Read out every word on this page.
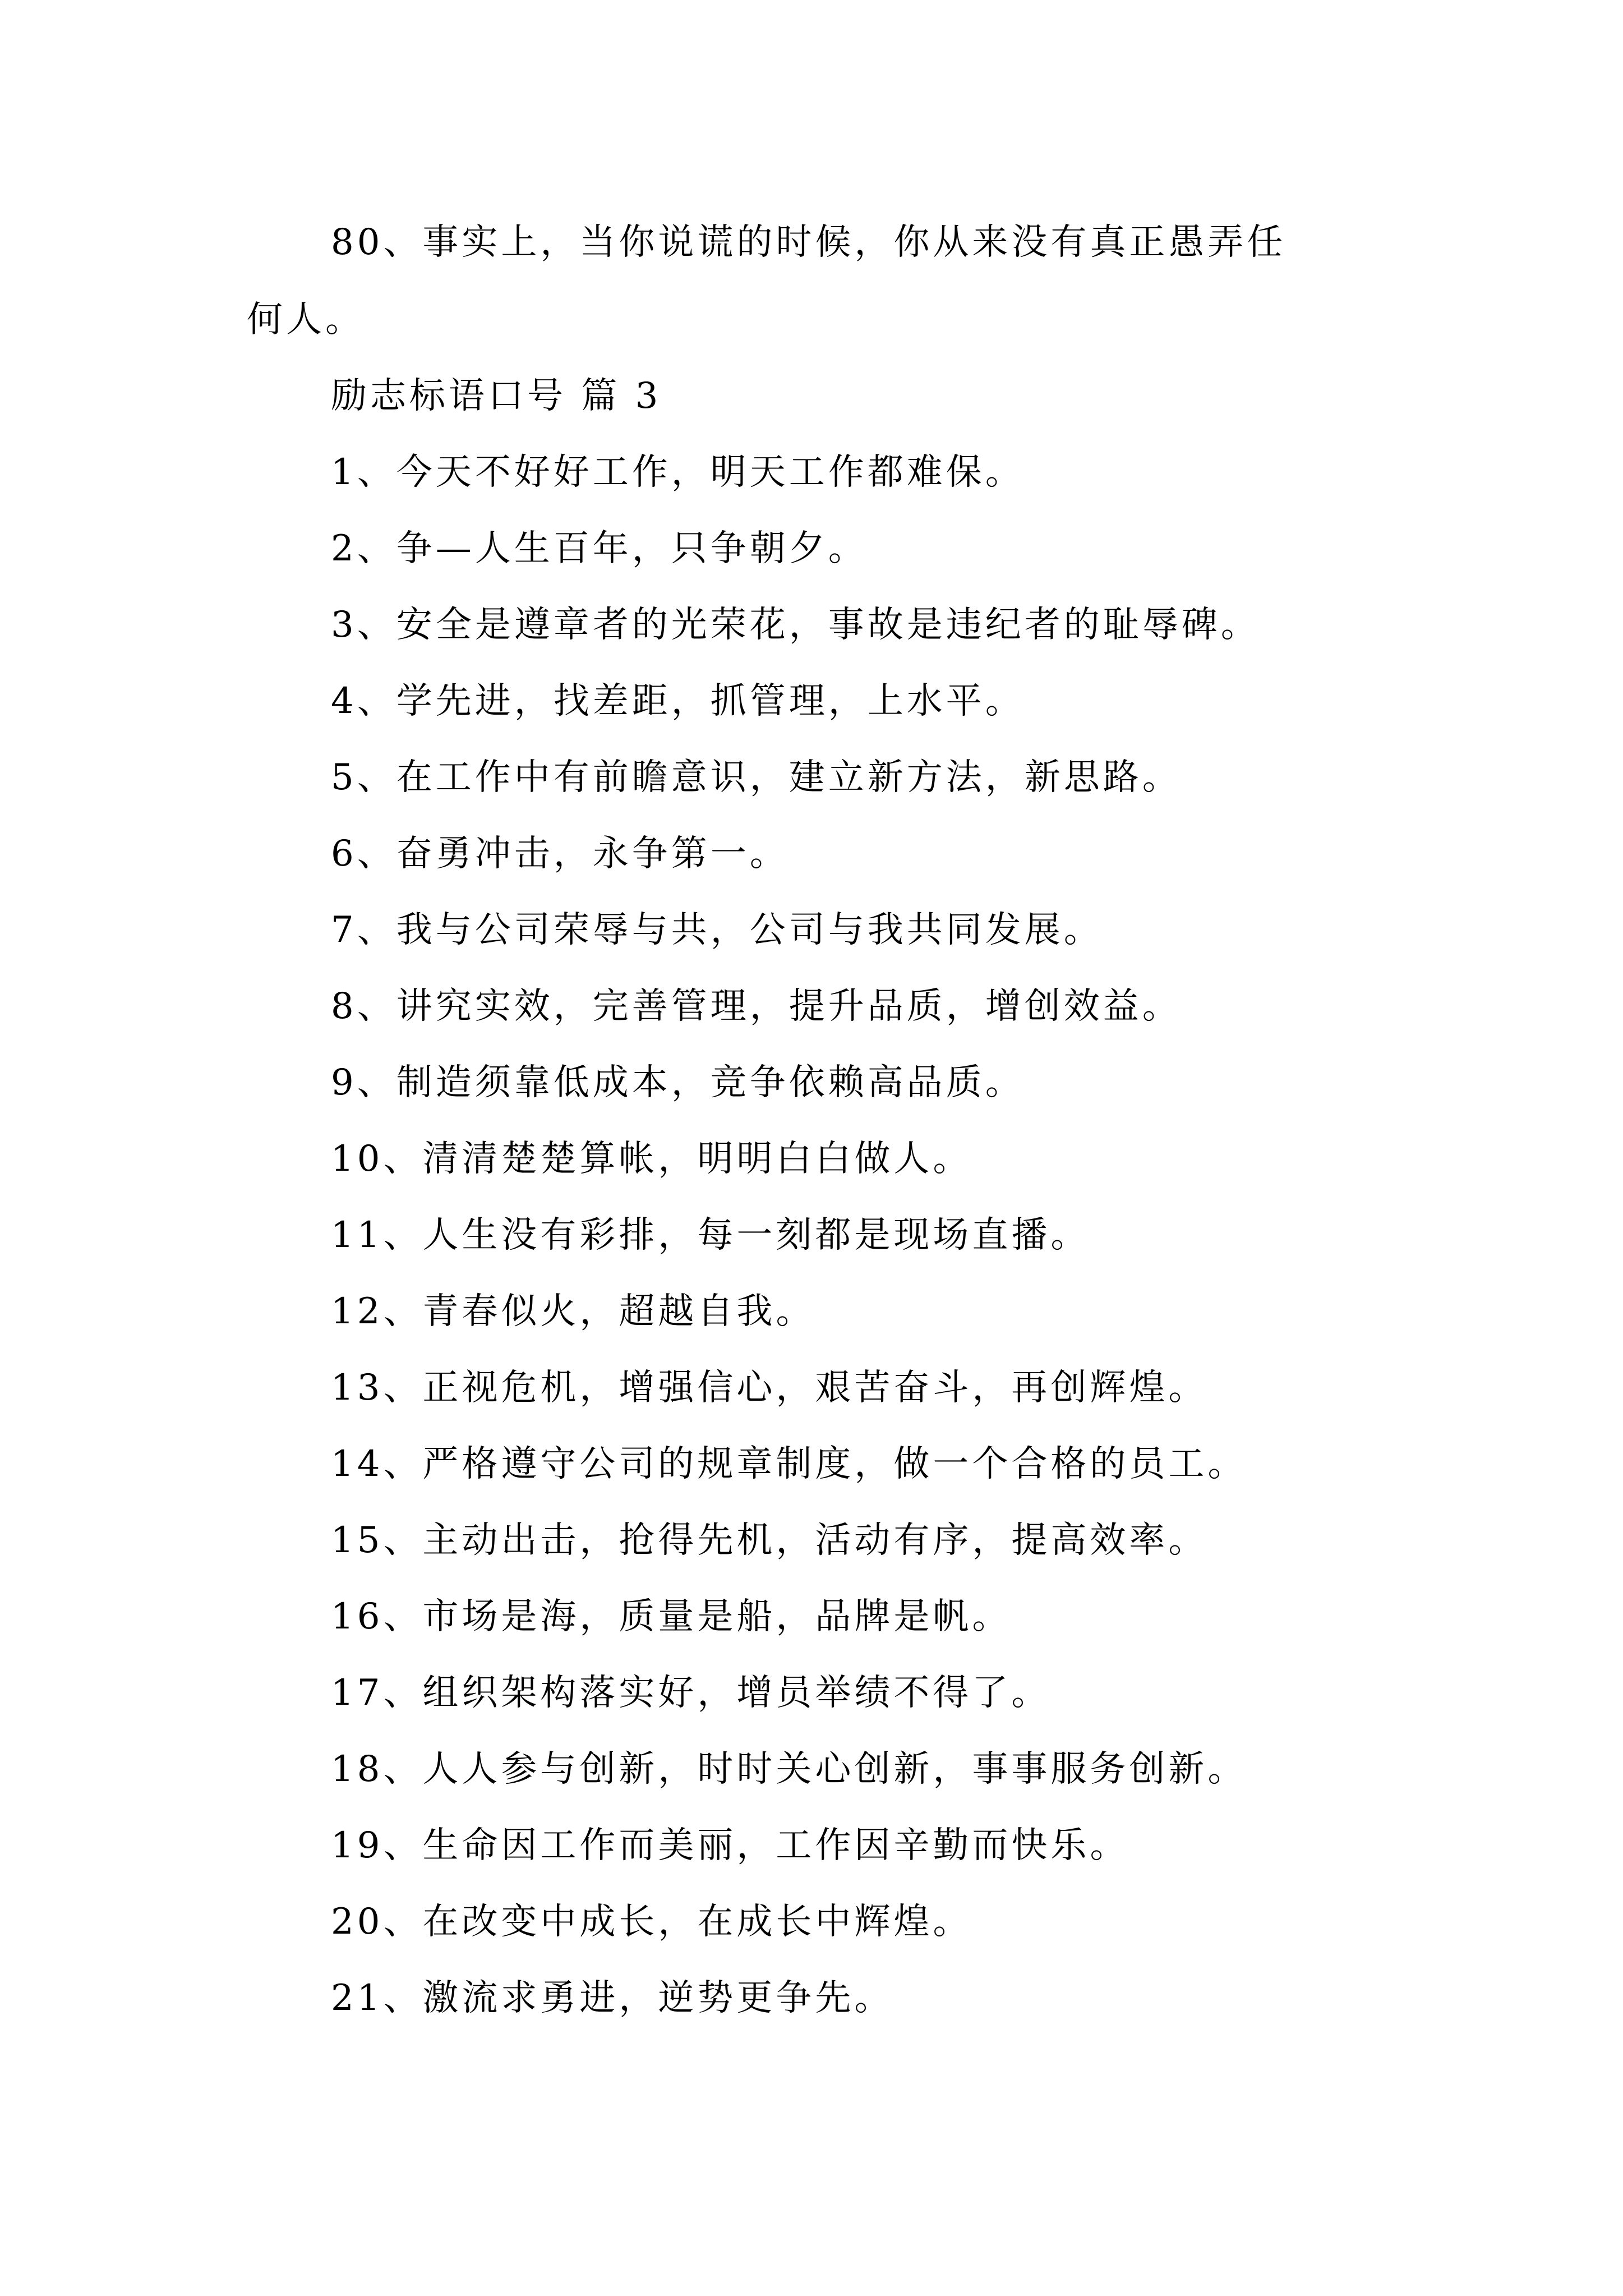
80、事实上，当你说谎的时候，你从来没有真正愚弄任
何人。
励志标语口号 篇 3
1、今天不好好工作，明天工作都难保。
2、争—人生百年，只争朝夕。
3、安全是遵章者的光荣花，事故是违纪者的耻辱碑。
4、学先进，找差距，抓管理，上水平。
5、在工作中有前瞻意识，建立新方法，新思路。
6、奋勇冲击，永争第一。
7、我与公司荣辱与共，公司与我共同发展。
8、讲究实效，完善管理，提升品质，增创效益。
9、制造须靠低成本，竞争依赖高品质。
10、清清楚楚算帐，明明白白做人。
11、人生没有彩排，每一刻都是现场直播。
12、青春似火，超越自我。
13、正视危机，增强信心，艰苦奋斗，再创辉煌。
14、严格遵守公司的规章制度，做一个合格的员工。
15、主动出击，抢得先机，活动有序，提高效率。
16、市场是海，质量是船，品牌是帆。
17、组织架构落实好，增员举绩不得了。
18、人人参与创新，时时关心创新，事事服务创新。
19、生命因工作而美丽，工作因辛勤而快乐。
20、在改变中成长，在成长中辉煌。
21、激流求勇进，逆势更争先。
